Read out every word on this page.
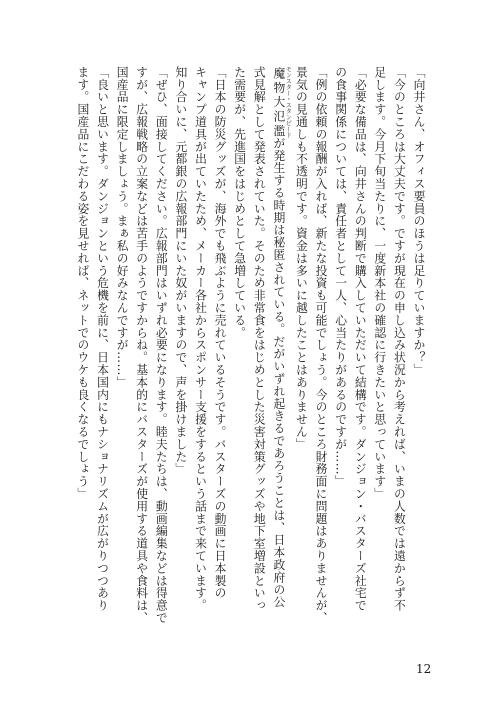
「向井さん、オフィス要員のほうは足りていますか？」
「今のところは大丈夫です。ですが現在の申し込み状況から考えれば、いまの人数では遠からず不
足します。今月下旬当たりに、一度新本社の確認に行きたいと思っています」
「必要な備品は、向井さんの判断で購入していただいて結構です。ダンジョン・バスターズ社宅で
の食事関係については、責任者として一人、心当たりがあるのですが……」
「例の依頼の報酬が入れば、新たな投資も可能でしょう。今のところ財務面に問題はありませんが、
景気の見通しも不透明です。資金は多いに越したことはありません」
魔物大氾濫モンスター・スタンピードが発生する時期は秘匿されている。だがいずれ起きるであろうことは、日本政府の公
式見解として発表されていた。そのため非常食をはじめとした災害対策グッズや地下室増設といっ
た需要が、先進国をはじめとして急増している。
「日本の防災グッズが、海外でも飛ぶように売れているそうです。バスターズの動画に日本製の
キャンプ道具が出ていたため、メーカー各社からスポンサー支援をするという話まで来ています。
知り合いに、元都銀の広報部門にいた奴がいますので、声を掛けました」
「ぜひ、面接してください。広報部門はいずれ必要になります。睦夫たちは、動画編集などは得意で
すが、広報戦略の立案などは苦手のようですからね。基本的にバスターズが使用する道具や食料は、
国産品に限定しましょう。まぁ私の好みなんですが……」
「良いと思います。ダンジョンという危機を前に、日本国内にもナショナリズムが広がりつつあり
ます。国産品にこだわる姿を見せれば、ネットでのウケも良くなるでしょう」
12
